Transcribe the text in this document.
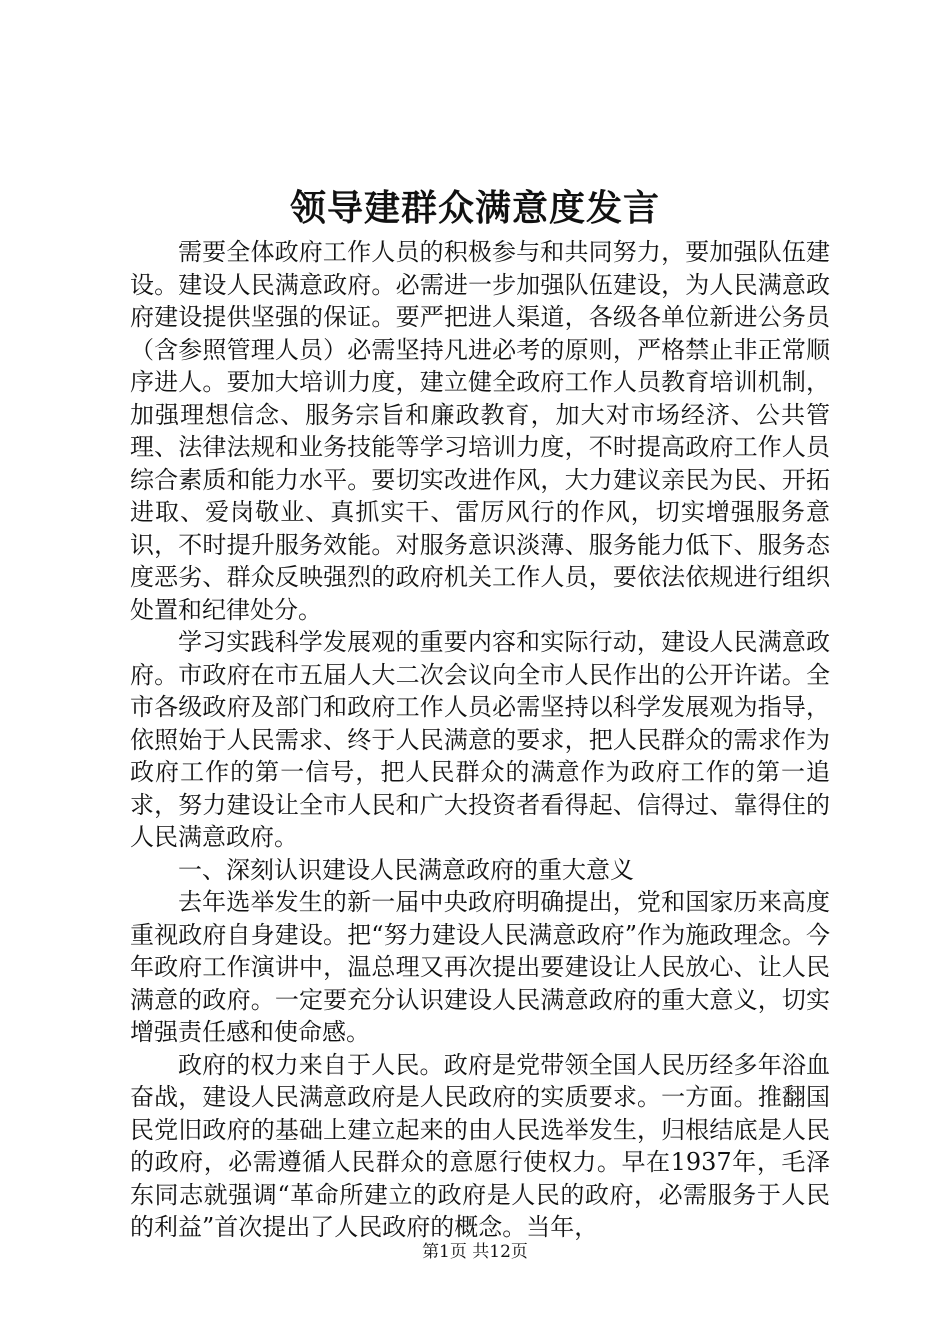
领导建群众满意度发言

需要全体政府工作人员的积极参与和共同努力，要加强队伍建设。建设人民满意政府。必需进一步加强队伍建设，为人民满意政府建设提供坚强的保证。要严把进人渠道，各级各单位新进公务员（含参照管理人员）必需坚持凡进必考的原则，严格禁止非正常顺序进人。要加大培训力度，建立健全政府工作人员教育培训机制，加强理想信念、服务宗旨和廉政教育，加大对市场经济、公共管理、法律法规和业务技能等学习培训力度，不时提高政府工作人员综合素质和能力水平。要切实改进作风，大力建议亲民为民、开拓进取、爱岗敬业、真抓实干、雷厉风行的作风，切实增强服务意识，不时提升服务效能。对服务意识淡薄、服务能力低下、服务态度恶劣、群众反映强烈的政府机关工作人员，要依法依规进行组织处置和纪律处分。

学习实践科学发展观的重要内容和实际行动，建设人民满意政府。市政府在市五届人大二次会议向全市人民作出的公开许诺。全市各级政府及部门和政府工作人员必需坚持以科学发展观为指导，依照始于人民需求、终于人民满意的要求，把人民群众的需求作为政府工作的第一信号，把人民群众的满意作为政府工作的第一追求，努力建设让全市人民和广大投资者看得起、信得过、靠得住的人民满意政府。

一、深刻认识建设人民满意政府的重大意义

去年选举发生的新一届中央政府明确提出，党和国家历来高度重视政府自身建设。把“努力建设人民满意政府”作为施政理念。今年政府工作演讲中，温总理又再次提出要建设让人民放心、让人民满意的政府。一定要充分认识建设人民满意政府的重大意义，切实增强责任感和使命感。

政府的权力来自于人民。政府是党带领全国人民历经多年浴血奋战，建设人民满意政府是人民政府的实质要求。一方面。推翻国民党旧政府的基础上建立起来的由人民选举发生，归根结底是人民的政府，必需遵循人民群众的意愿行使权力。早在1937年，毛泽东同志就强调“革命所建立的政府是人民的政府，必需服务于人民的利益”首次提出了人民政府的概念。当年，

第1页 共12页
